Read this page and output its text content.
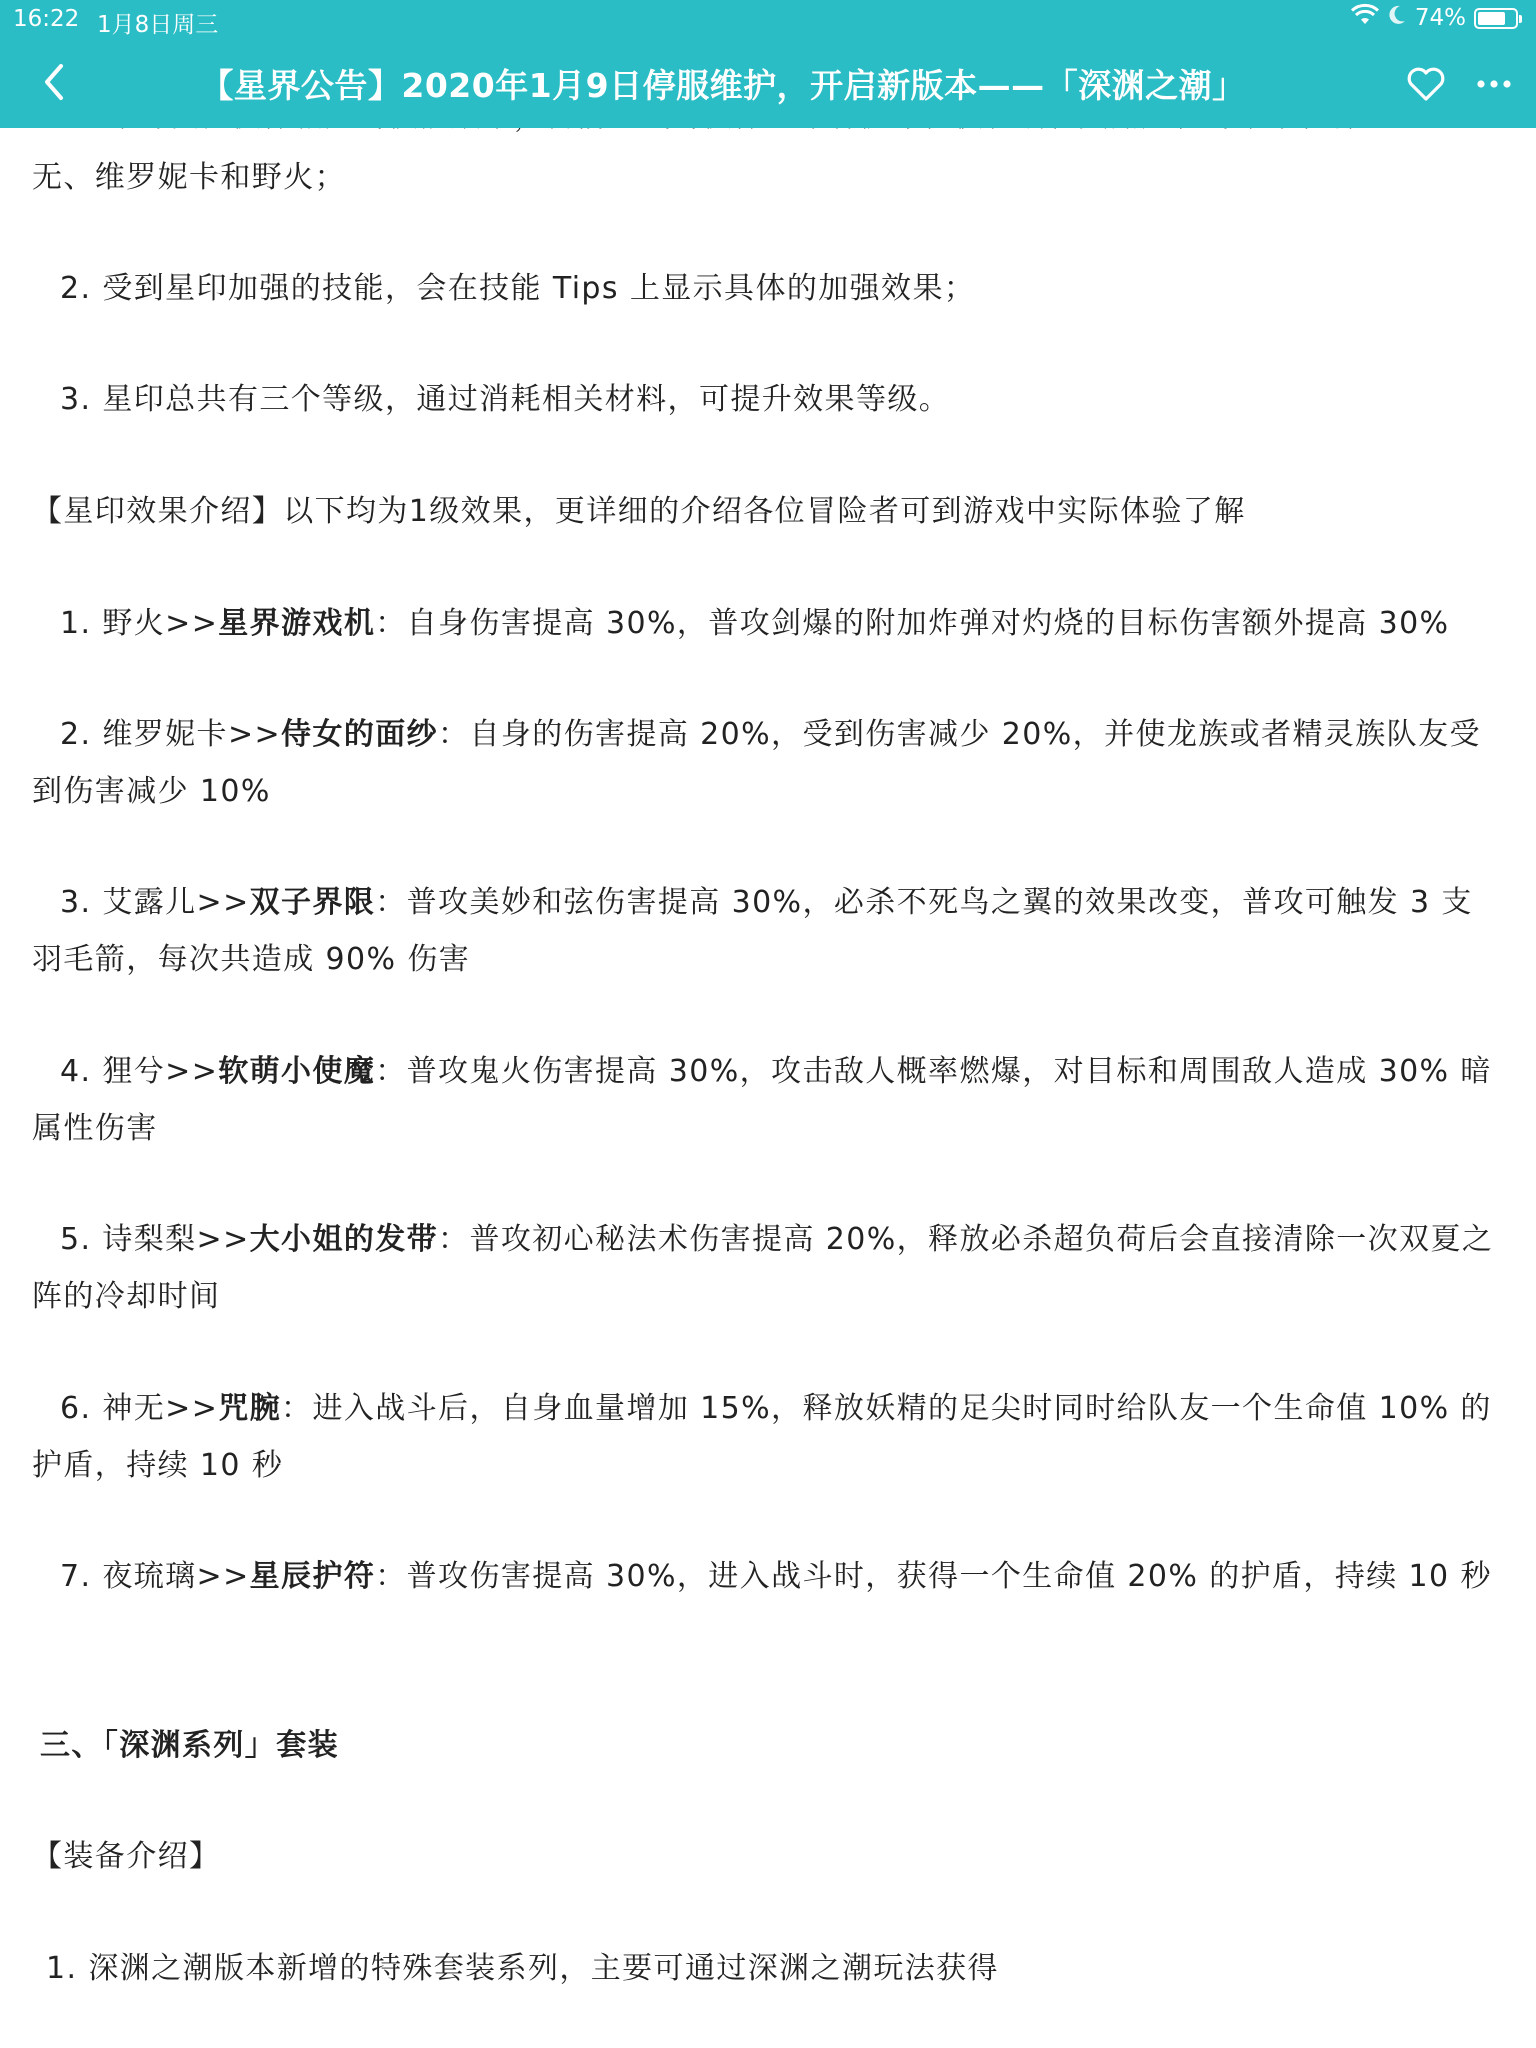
16:22 1月8日周三	74%
【星界公告】2020年1月9日停服维护，开启新版本——「深渊之潮」
无、维罗妮卡和野火；
2. 受到星印加强的技能，会在技能 Tips 上显示具体的加强效果；
3. 星印总共有三个等级，通过消耗相关材料，可提升效果等级。
【星印效果介绍】以下均为1级效果，更详细的介绍各位冒险者可到游戏中实际体验了解
1. 野火>>星界游戏机：自身伤害提高 30%，普攻剑爆的附加炸弹对灼烧的目标伤害额外提高 30%
2. 维罗妮卡>>侍女的面纱：自身的伤害提高 20%，受到伤害减少 20%，并使龙族或者精灵族队友受到伤害减少 10%
3. 艾露儿>>双子界限：普攻美妙和弦伤害提高 30%，必杀不死鸟之翼的效果改变，普攻可触发 3 支羽毛箭，每次共造成 90% 伤害
4. 狸兮>>软萌小使魔：普攻鬼火伤害提高 30%，攻击敌人概率燃爆，对目标和周围敌人造成 30% 暗属性伤害
5. 诗梨梨>>大小姐的发带：普攻初心秘法术伤害提高 20%，释放必杀超负荷后会直接清除一次双夏之阵的冷却时间
6. 神无>>咒腕：进入战斗后，自身血量增加 15%，释放妖精的足尖时同时给队友一个生命值 10% 的护盾，持续 10 秒
7. 夜琉璃>>星辰护符：普攻伤害提高 30%，进入战斗时，获得一个生命值 20% 的护盾，持续 10 秒
三、「深渊系列」套装
【装备介绍】
1. 深渊之潮版本新增的特殊套装系列，主要可通过深渊之潮玩法获得
